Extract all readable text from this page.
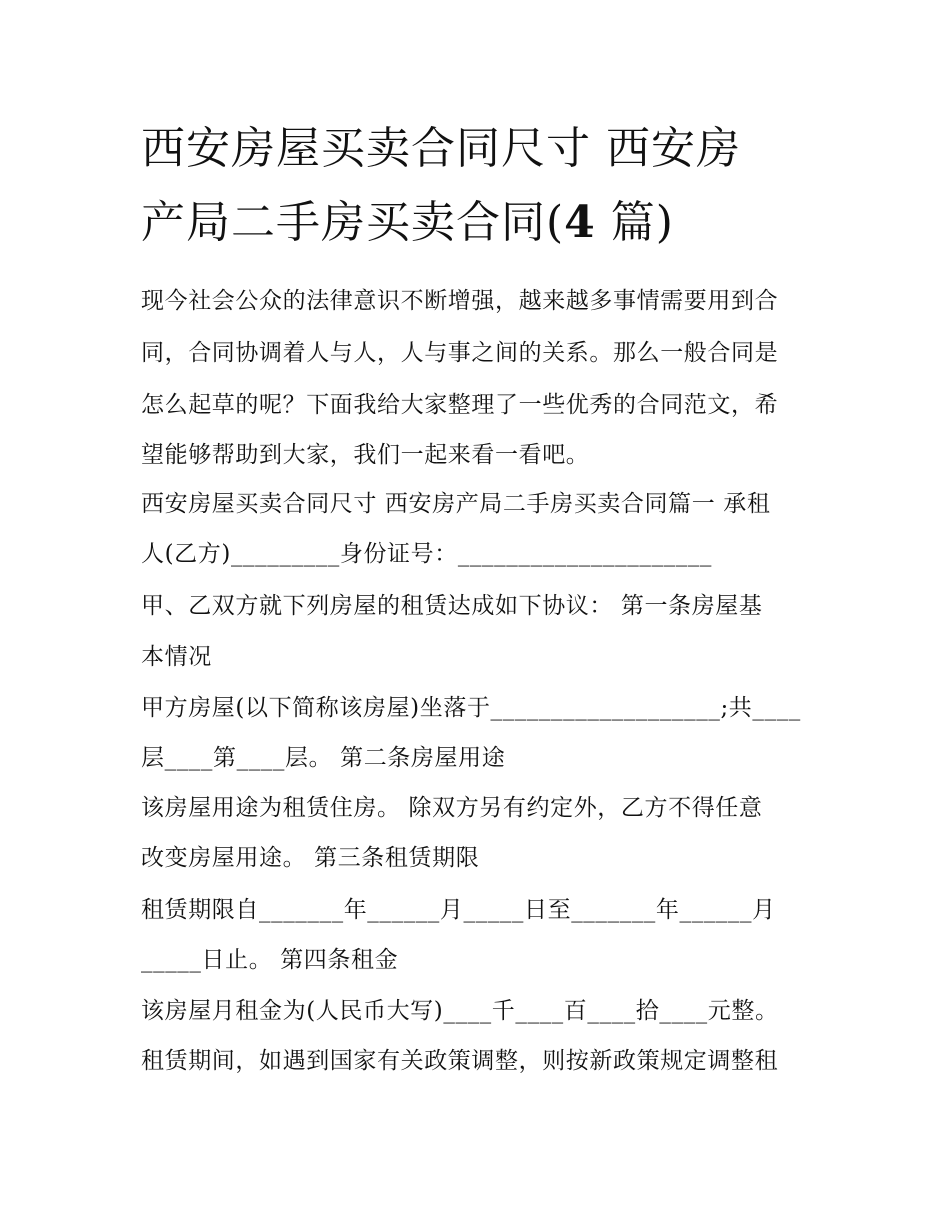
西安房屋买卖合同尺寸 西安房
产局二手房买卖合同(4 篇)

现今社会公众的法律意识不断增强，越来越多事情需要用到合

同，合同协调着人与人，人与事之间的关系。那么一般合同是

怎么起草的呢？下面我给大家整理了一些优秀的合同范文，希

望能够帮助到大家，我们一起来看一看吧。

西安房屋买卖合同尺寸 西安房产局二手房买卖合同篇一 承租

人(乙方)_________身份证号：_____________________

甲、乙双方就下列房屋的租赁达成如下协议： 第一条房屋基

本情况

甲方房屋(以下简称该房屋)坐落于___________________;共____

层____第____层。 第二条房屋用途

该房屋用途为租赁住房。 除双方另有约定外，乙方不得任意

改变房屋用途。 第三条租赁期限

租赁期限自_______年______月_____日至_______年______月

_____日止。 第四条租金

该房屋月租金为(人民币大写)____千____百____拾____元整。

租赁期间，如遇到国家有关政策调整，则按新政策规定调整租
